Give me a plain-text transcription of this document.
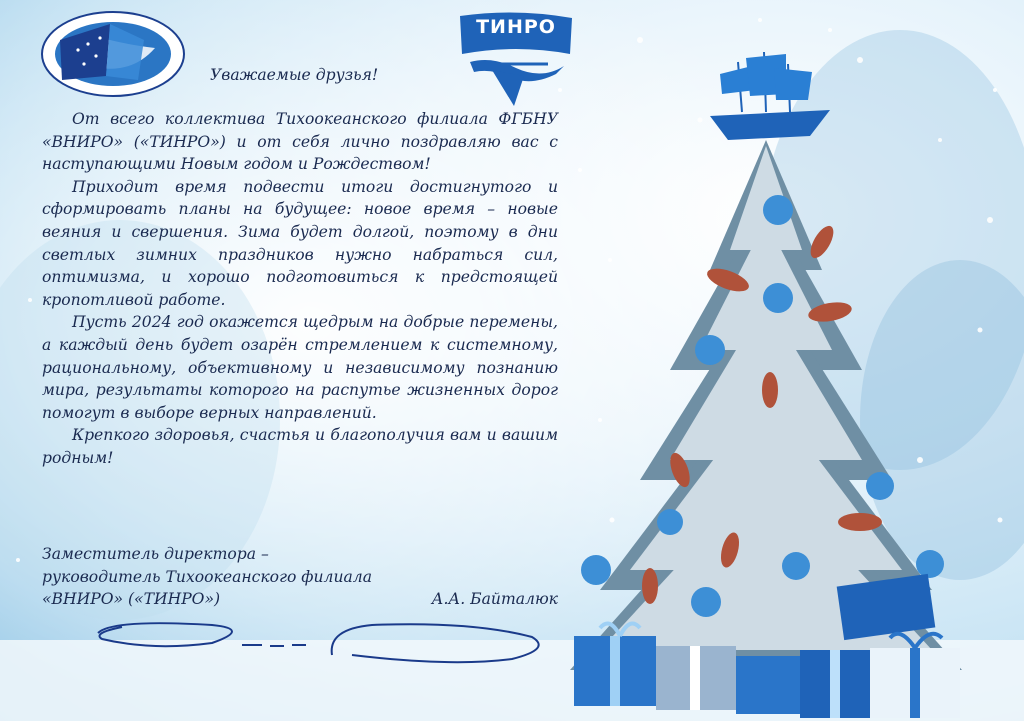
ТИНРО
Уважаемые друзья!

От всего коллектива Тихоокеанского филиала ФГБНУ «ВНИРО» («ТИНРО») и от себя лично поздравляю вас с наступающими Новым годом и Рождеством!

Приходит время подвести итоги достигнутого и сформировать планы на будущее: новое время – новые веяния и свершения. Зима будет долгой, поэтому в дни светлых зимних праздников нужно набраться сил, оптимизма, и хорошо подготовиться к предстоящей кропотливой работе.

Пусть 2024 год окажется щедрым на добрые перемены, а каждый день будет озарён стремлением к системному, рациональному, объективному и независимому познанию мира, результаты которого на распутье жизненных дорог помогут в выборе верных направлений.

Крепкого здоровья, счастья и благополучия вам и вашим родным!

Заместитель директора –
руководитель Тихоокеанского филиала
«ВНИРО» («ТИНРО»)	А.А. Байталюк
